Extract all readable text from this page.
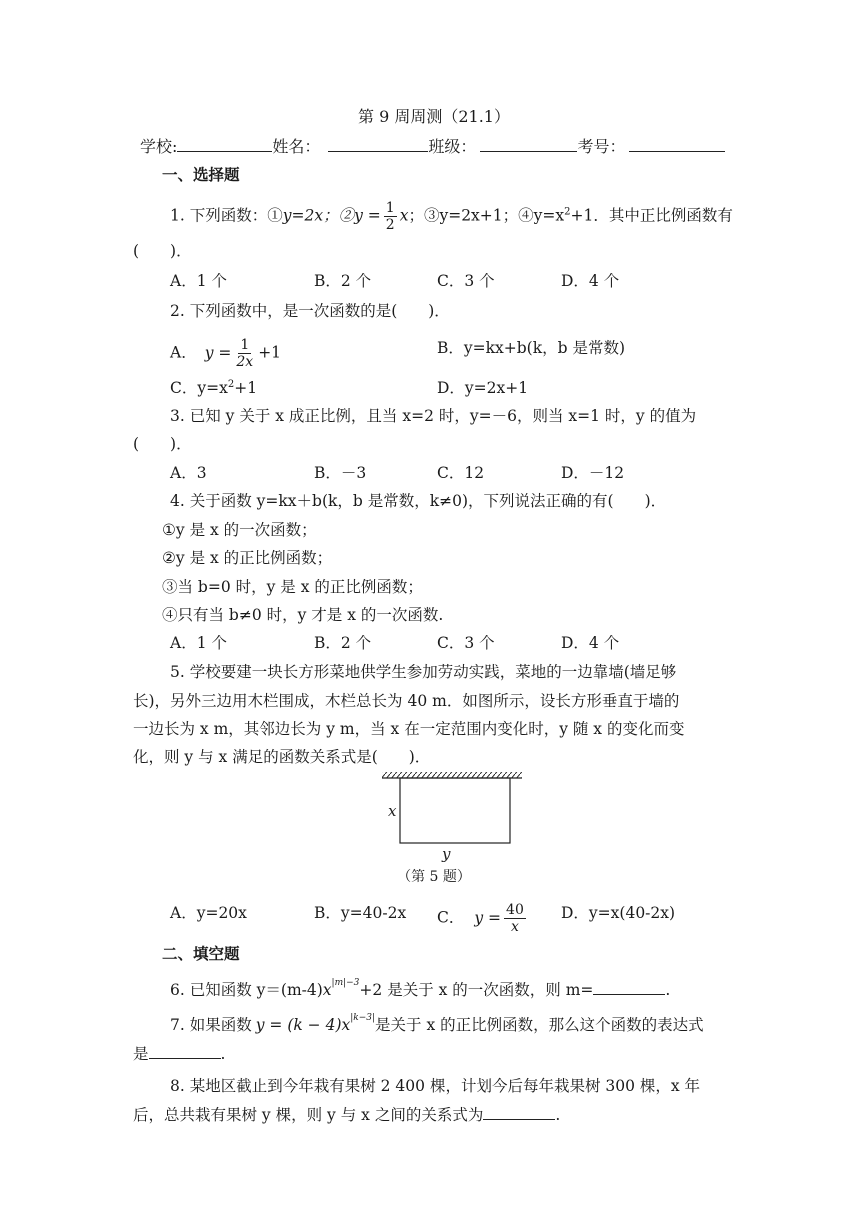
第 9 周周测（21.1）
学校:	姓名：	班级：	考号：
一、选择题
1. 下列函数：①y=2x；②y = $\frac{1}{2}$ x；③y=2x+1；$④y=x^2+1$．其中正比例函数有
(　　)．
A．1 个	B．2 个	C．3 个	D．4 个
2. 下列函数中，是一次函数的是(　　)．
A． $y = \frac{1}{2x} +1$	B．y=kx+b(k，b 是常数)
C．$y=x^2+1$	D．y=2x+1
3. 已知 y 关于 x 成正比例，且当 x=2 时，y=－6，则当 x=1 时，y 的值为
(　　)．
A．3	B．－3	C．12	D．－12
4. 关于函数 y=kx＋b(k，b 是常数，k≠0)，下列说法正确的有(　　)．
①y 是 x 的一次函数；
②y 是 x 的正比例函数；
③当 b=0 时，y 是 x 的正比例函数；
④只有当 b≠0 时，y 才是 x 的一次函数.
A．1 个	B．2 个	C．3 个	D．4 个
5. 学校要建一块长方形菜地供学生参加劳动实践，菜地的一边靠墙(墙足够
长)，另外三边用木栏围成，木栏总长为 40 m．如图所示，设长方形垂直于墙的
一边长为 x m，其邻边长为 y m，当 x 在一定范围内变化时，y 随 x 的变化而变
化，则 y 与 x 满足的函数关系式是(　　)．
x
y
（第 5 题）
A．y=20x	B．y=40-2x C． $y = \frac{40}{x}$ D．y=x(40-2x)
二、填空题
6. 已知函数 $y=(m-4)x^{|m|-3}+2$ 是关于 x 的一次函数，则 m=	.
7. 如果函数 $y = (k - 4)x^{|k-3|}$是关于 x 的正比例函数，那么这个函数的表达式
是	.
8. 某地区截止到今年栽有果树 2 400 棵，计划今后每年栽果树 300 棵，x 年
后，总共栽有果树 y 棵，则 y 与 x 之间的关系式为	.
